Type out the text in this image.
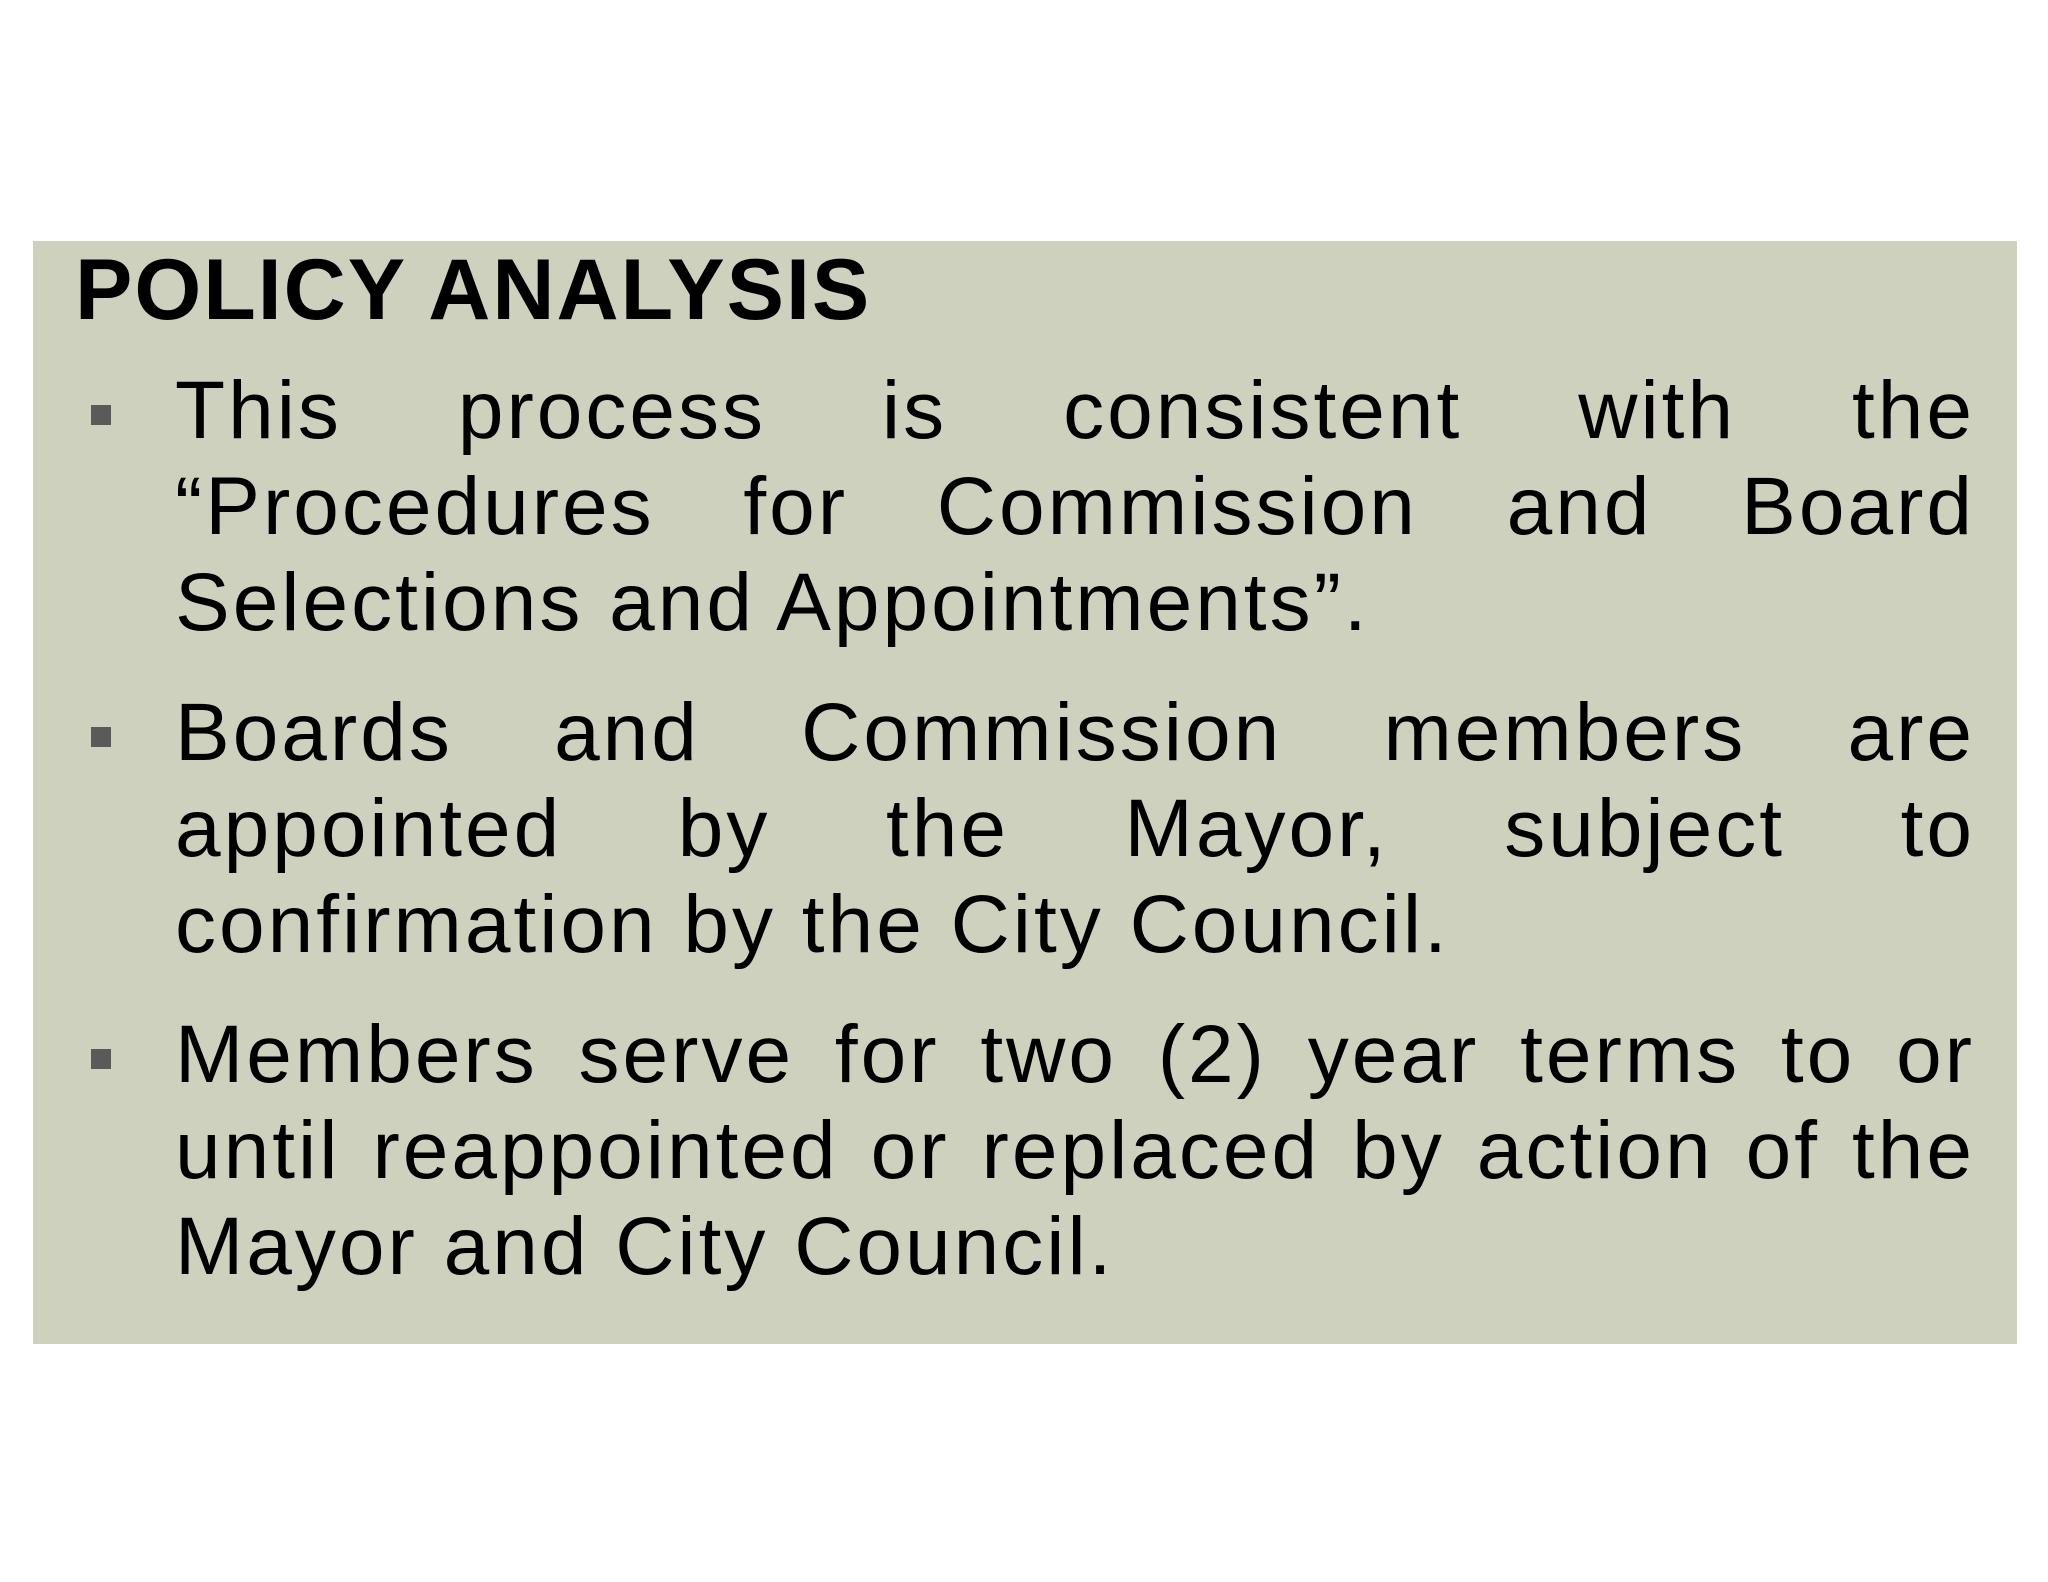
POLICY ANALYSIS

This process is consistent with the “Procedures for Commission and Board Selections and Appointments”.

Boards and Commission members are appointed by the Mayor, subject to confirmation by the City Council.

Members serve for two (2) year terms to or until reappointed or replaced by action of the Mayor and City Council.
